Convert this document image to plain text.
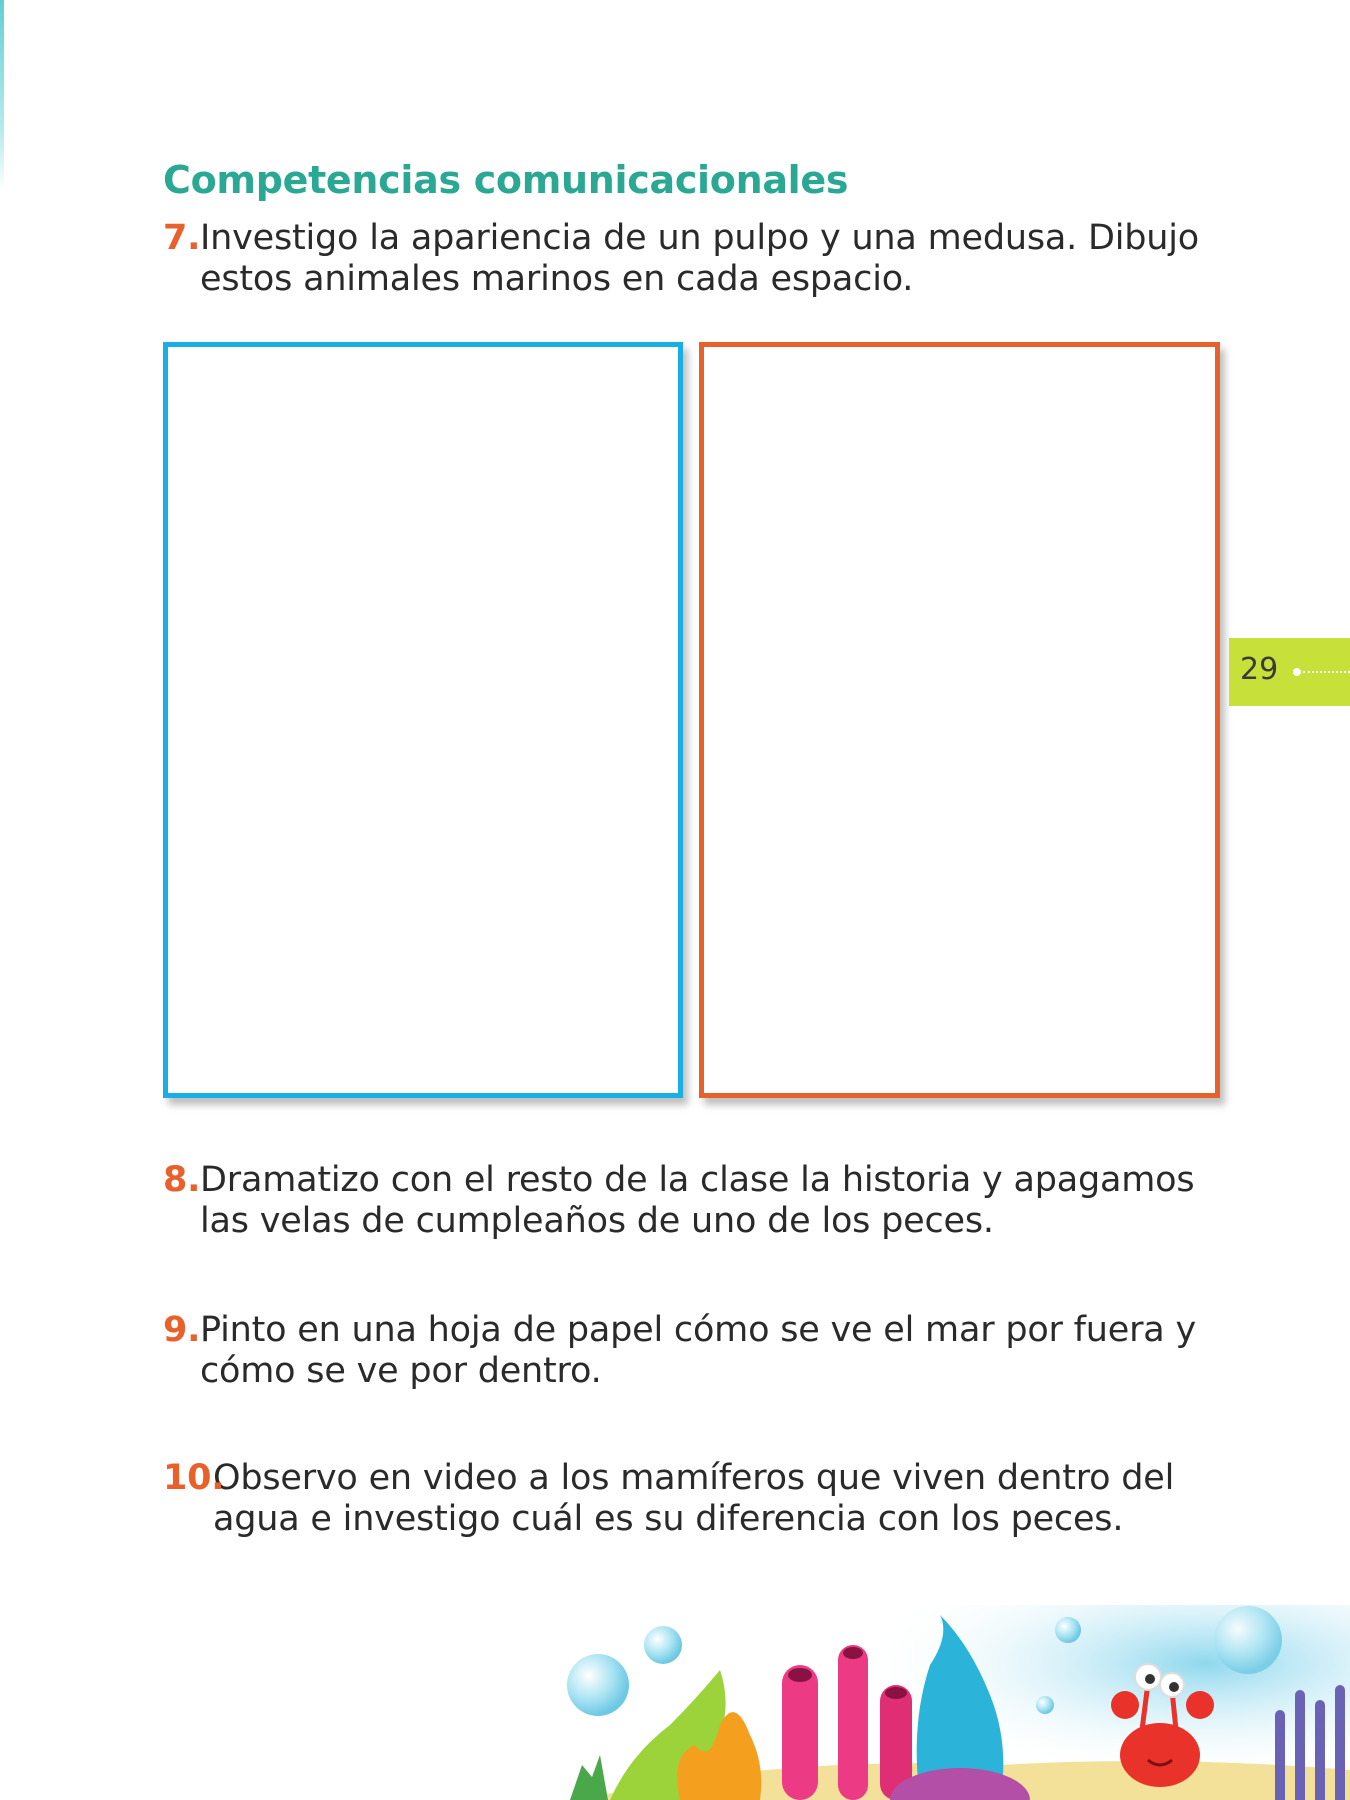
Competencias comunicacionales
7. Investigo la apariencia de un pulpo y una medusa. Dibujo estos animales marinos en cada espacio.
8. Dramatizo con el resto de la clase la historia y apagamos las velas de cumpleaños de uno de los peces.
9. Pinto en una hoja de papel cómo se ve el mar por fuera y cómo se ve por dentro.
10.
Observo en video a los mamíferos que viven dentro del agua e investigo cuál es su diferencia con los peces.
29
